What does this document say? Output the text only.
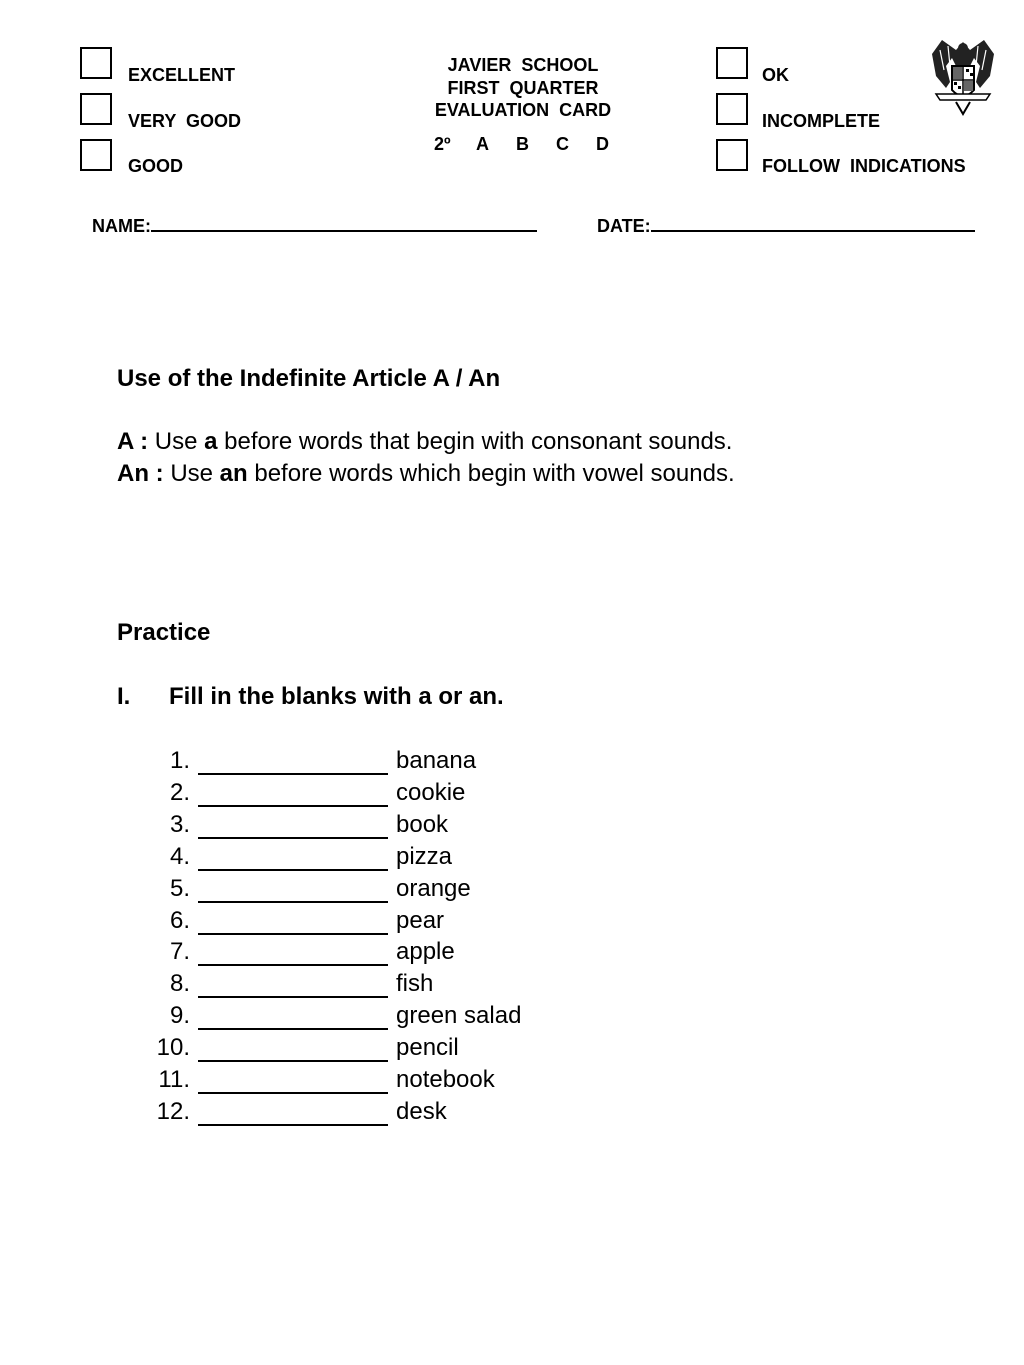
EXCELLENT
VERY  GOOD
GOOD
JAVIER  SCHOOL
FIRST  QUARTER
EVALUATION  CARD
2º	A	B	C	D
OK
INCOMPLETE
FOLLOW  INDICATIONS

NAME:	DATE:

Use of the Indefinite Article A / An
A : Use a before words that begin with consonant sounds.
An : Use an before words which begin with vowel sounds.
Practice
I. Fill in the blanks with a or an.
1.	banana
2.	cookie
3.	book
4.	pizza
5.	orange
6.	pear
7.	apple
8.	fish
9.	green salad
10.	pencil
11.	notebook
12.	desk
